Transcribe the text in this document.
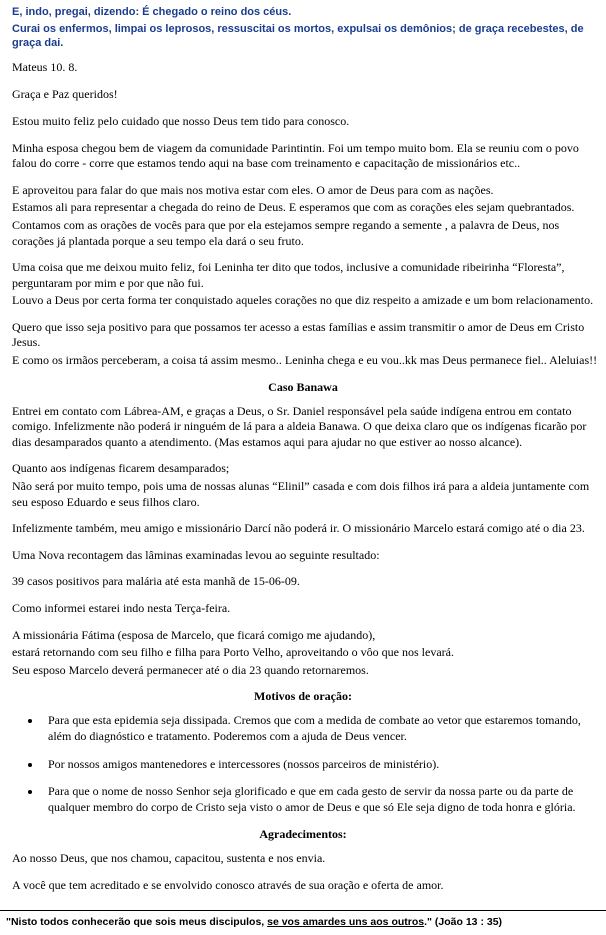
E, indo, pregai, dizendo: É chegado o reino dos céus.
Curai os enfermos, limpai os leprosos, ressuscitai os mortos, expulsai os demônios; de graça recebestes, de graça dai.
Mateus 10. 8.

Graça e Paz queridos!

Estou muito feliz pelo cuidado que nosso Deus tem tido para conosco.

Minha esposa chegou bem de viagem da comunidade Parintintin. Foi um tempo muito bom. Ela se reuniu com o povo falou do corre - corre que estamos tendo aqui na base com treinamento e capacitação de missionários etc..

E aproveitou para falar do que mais nos motiva estar com eles. O amor de Deus para com as nações.

Estamos ali para representar a chegada do reino de Deus. E esperamos que com as corações eles sejam quebrantados.

Contamos com as orações de vocês para que por ela estejamos sempre regando a semente , a palavra de Deus, nos corações já plantada porque a seu tempo ela dará o seu fruto.

Uma coisa que me deixou muito feliz, foi Leninha ter dito que todos, inclusive a comunidade ribeirinha “Floresta”, perguntaram por mim e por que não fui.

Louvo a Deus por certa forma ter conquistado aqueles corações no que diz respeito a amizade e um bom relacionamento.

Quero que isso seja positivo para que possamos ter acesso a estas famílias e assim transmitir o amor de Deus em Cristo Jesus.

E como os irmãos perceberam, a coisa tá assim mesmo.. Leninha chega e eu vou..kk mas Deus permanece fiel.. Aleluias!!

Caso Banawa

Entrei em contato com Lábrea-AM, e graças a Deus, o Sr. Daniel responsável pela saúde indígena entrou em contato comigo. Infelizmente não poderá ir ninguém de lá para a aldeia Banawa. O que deixa claro que os indígenas ficarão por dias desamparados quanto a atendimento. (Mas estamos aqui para ajudar no que estiver ao nosso alcance).

Quanto aos indígenas ficarem desamparados;

Não será por muito tempo, pois uma de nossas alunas “Elinil” casada e com dois filhos irá para a aldeia juntamente com seu esposo Eduardo e seus filhos claro.

Infelizmente também, meu amigo e missionário Darcí não poderá ir. O missionário Marcelo estará comigo até o dia 23.

Uma Nova recontagem das lâminas examinadas levou ao seguinte resultado:

39 casos positivos para malária até esta manhã de 15-06-09.

Como informei estarei indo nesta Terça-feira.

A missionária Fátima (esposa de Marcelo, que ficará comigo me ajudando),

estará retornando com seu filho e filha para Porto Velho, aproveitando o vôo que nos levará.

Seu esposo Marcelo deverá permanecer até o dia 23 quando retornaremos.

Motivos de oração:
• Para que esta epidemia seja dissipada. Cremos que com a medida de combate ao vetor que estaremos tomando, além do diagnóstico e tratamento. Poderemos com a ajuda de Deus vencer.
• Por nossos amigos mantenedores e intercessores (nossos parceiros de ministério).
• Para que o nome de nosso Senhor seja glorificado e que em cada gesto de servir da nossa parte ou da parte de qualquer membro do corpo de Cristo seja visto o amor de Deus e que só Ele seja digno de toda honra e glória.
Agradecimentos:

Ao nosso Deus, que nos chamou, capacitou, sustenta e nos envia.

A você que tem acreditado e se envolvido conosco através de sua oração e oferta de amor.

"Nisto todos conhecerão que sois meus discipulos, se vos amardes uns aos outros." (João 13 : 35)
